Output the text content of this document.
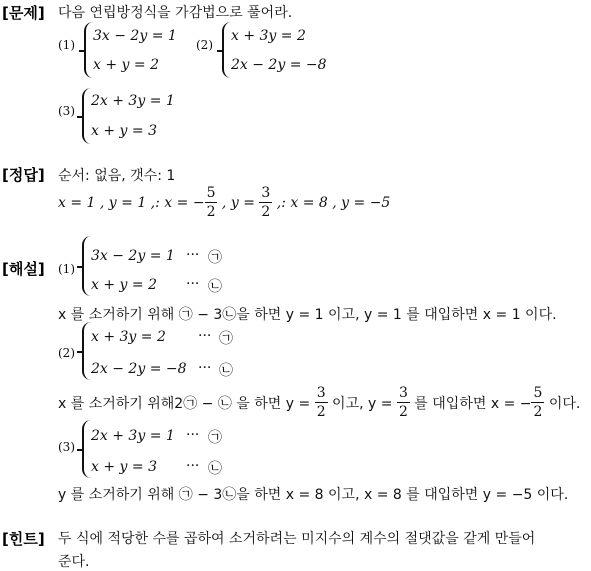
[문제] 다음 연립방정식을 가감법으로 풀어라.
(1)
3x − 2y = 1
x + y = 2
(2)
x + 3y = 2
2x − 2y = −8
(3)
2x + 3y = 1
x + y = 3
[정답] 순서: 없음, 갯수: 1
x = 1 , y = 1 ,: x = − $\frac{5}{2}$ , $y = \frac{3}{2}$ ,: x = 8 , y = −5
[해설] (1)
3x − 2y = 1 ··· ㉠
x + y = 2 ··· ㉡
x 를 소거하기 위해 ㉠ − 3㉡을 하면 y = 1 이고, y = 1 를 대입하면 x = 1 이다.
(2)
x + 3y = 2 ··· ㉠
2x − 2y = −8 ··· ㉡
x 를 소거하기 위해2㉠ − ㉡ 을 하면 $y = \frac{3}{2}$ 이고, $y = \frac{3}{2}$ 를 대입하면 x = − $\frac{5}{2}$ 이다.
(3)
2x + 3y = 1 ··· ㉠
x + y = 3 ··· ㉡
y 를 소거하기 위해 ㉠ − 3㉡을 하면 x = 8 이고, x = 8 를 대입하면 y = −5 이다.
[힌트] 두 식에 적당한 수를 곱하여 소거하려는 미지수의 계수의 절댓값을 같게 만들어
준다.
